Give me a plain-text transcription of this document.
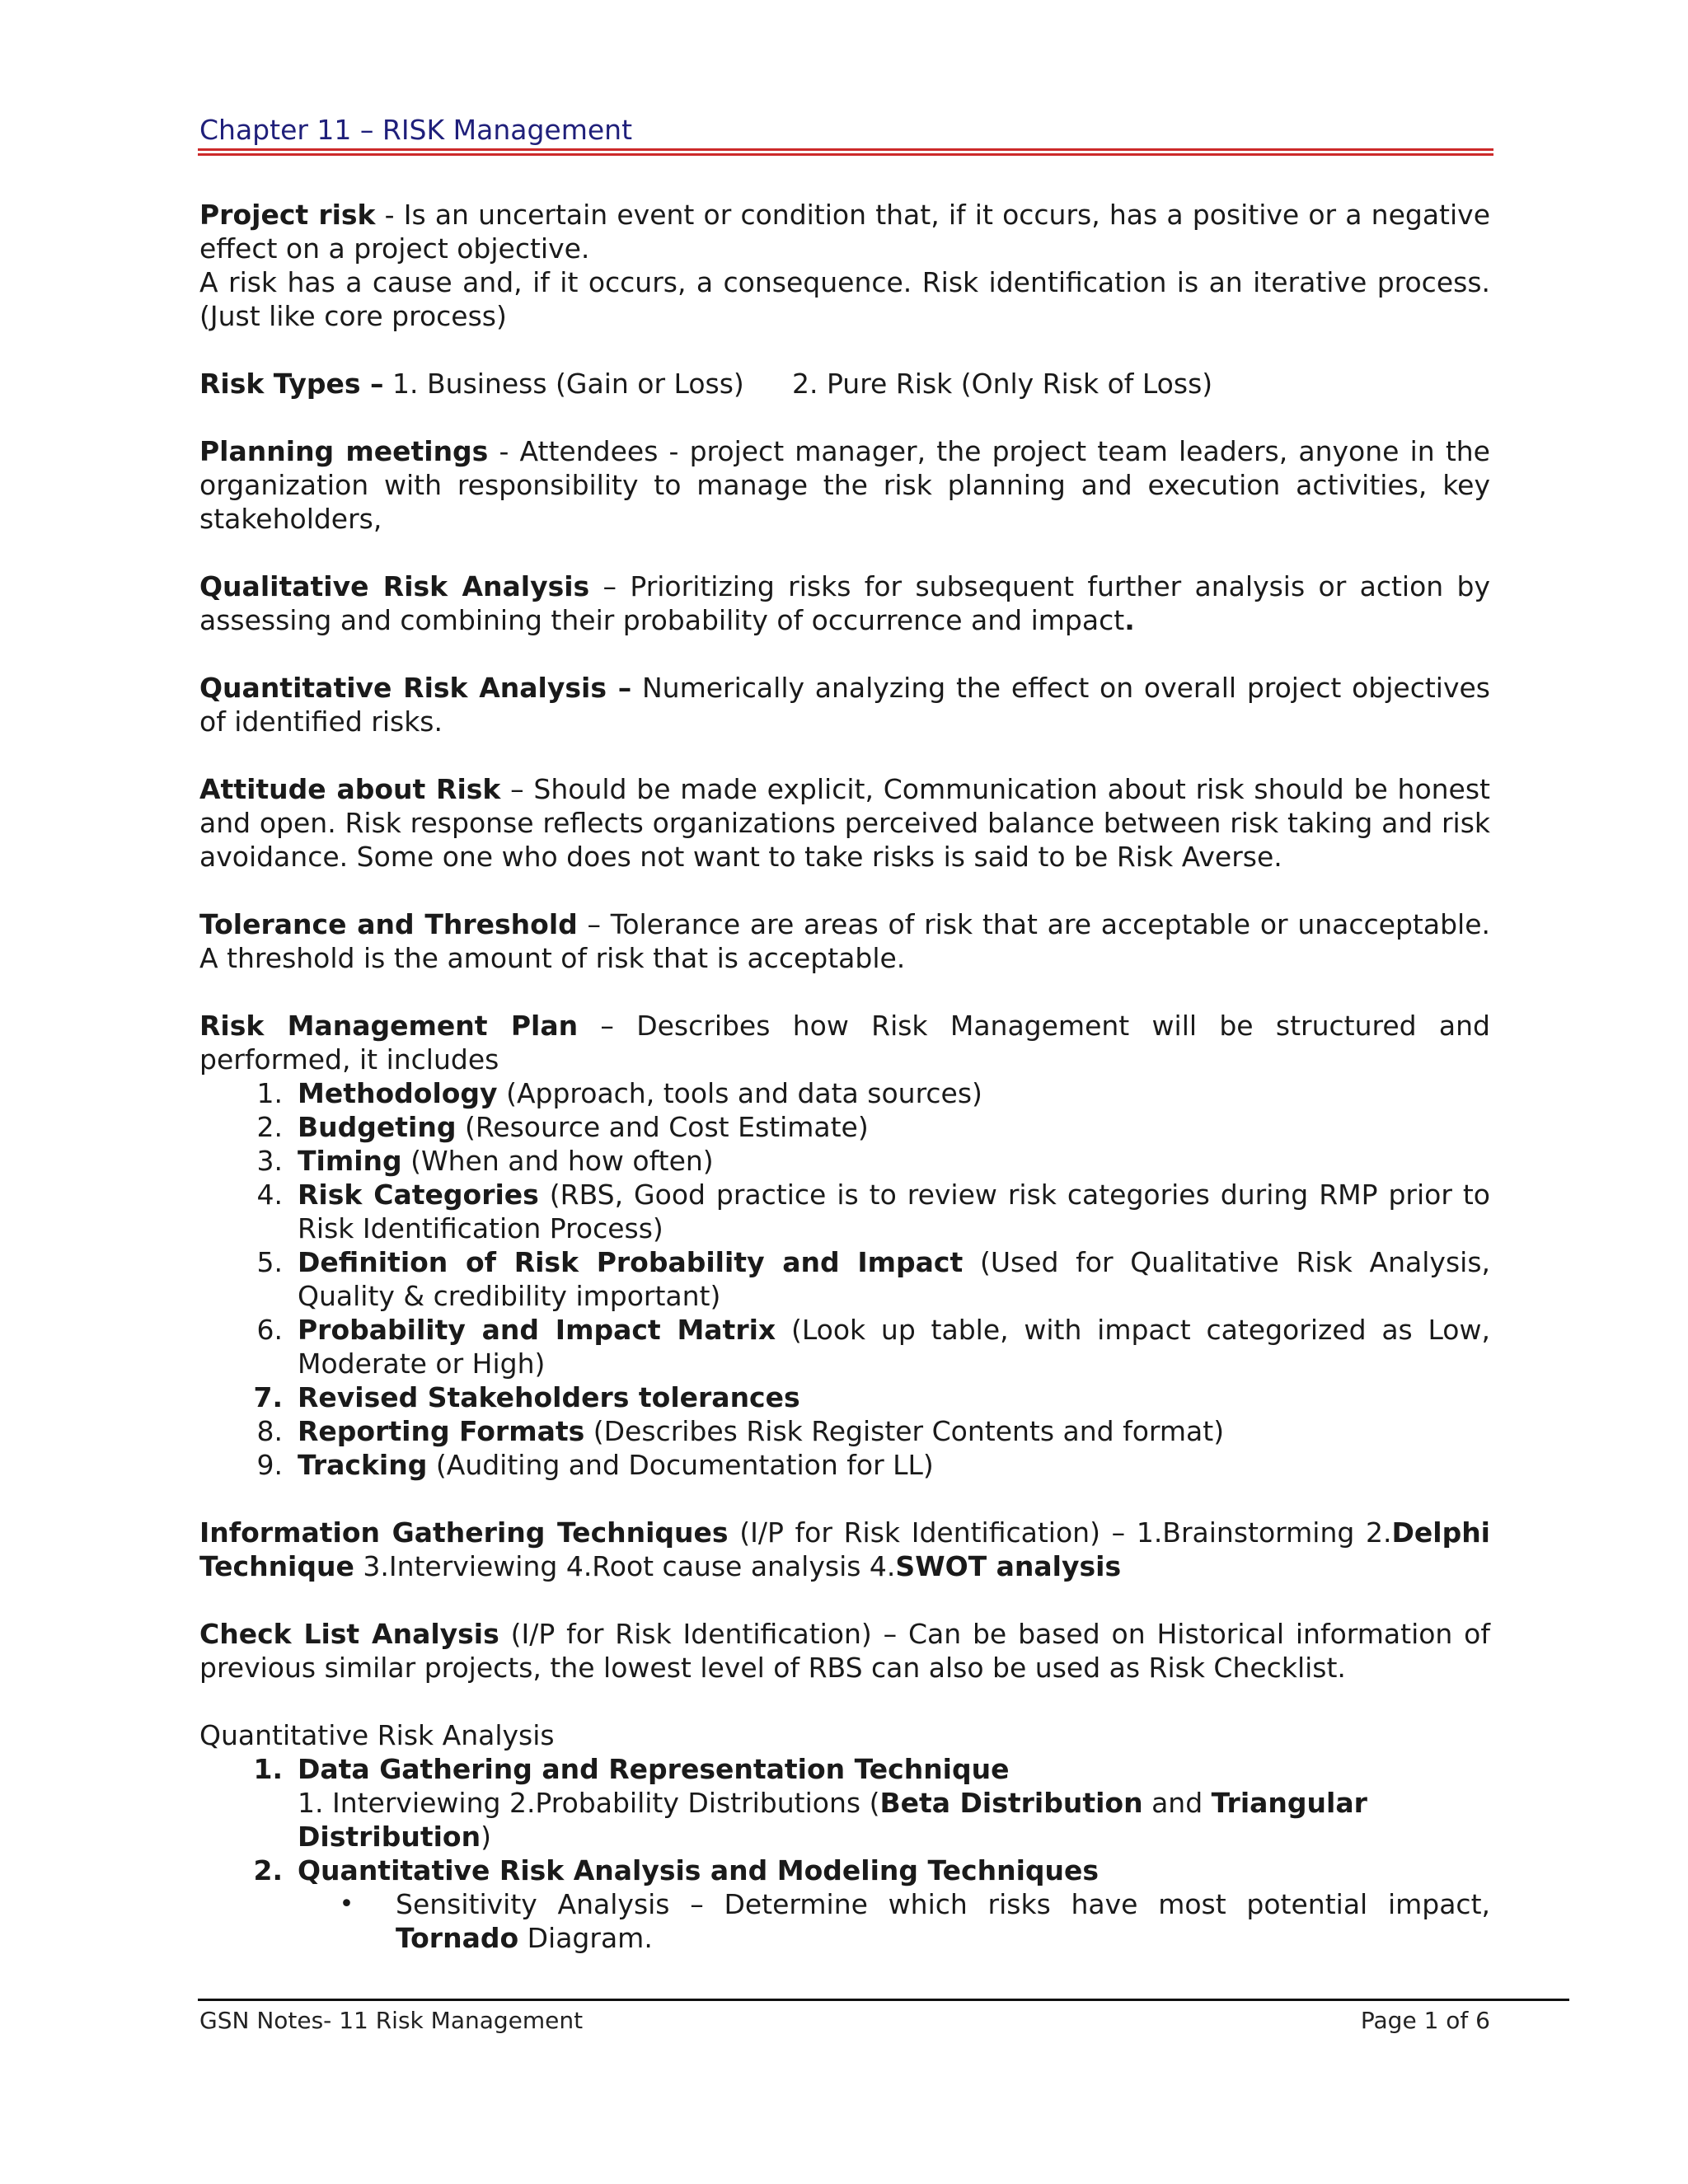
Chapter 11 – RISK Management

Project risk - Is an uncertain event or condition that, if it occurs, has a positive or a negative effect on a project objective.

A risk has a cause and, if it occurs, a consequence. Risk identification is an iterative process. (Just like core process)

Risk Types – 1. Business (Gain or Loss)	2. Pure Risk (Only Risk of Loss)

Planning meetings - Attendees - project manager, the project team leaders, anyone in the organization with responsibility to manage the risk planning and execution activities, key stakeholders,

Qualitative Risk Analysis – Prioritizing risks for subsequent further analysis or action by assessing and combining their probability of occurrence and impact.

Quantitative Risk Analysis – Numerically analyzing the effect on overall project objectives of identified risks.

Attitude about Risk – Should be made explicit, Communication about risk should be honest and open. Risk response reflects organizations perceived balance between risk taking and risk avoidance. Some one who does not want to take risks is said to be Risk Averse.

Tolerance and Threshold – Tolerance are areas of risk that are acceptable or unacceptable. A threshold is the amount of risk that is acceptable.

Risk Management Plan – Describes how Risk Management will be structured and performed, it includes

1. Methodology (Approach, tools and data sources)
2. Budgeting (Resource and Cost Estimate)
3. Timing (When and how often)
4. Risk Categories (RBS, Good practice is to review risk categories during RMP prior to Risk Identification Process)
5. Definition of Risk Probability and Impact (Used for Qualitative Risk Analysis, Quality & credibility important)
6. Probability and Impact Matrix (Look up table, with impact categorized as Low, Moderate or High)
7. Revised Stakeholders tolerances
8. Reporting Formats (Describes Risk Register Contents and format)
9. Tracking (Auditing and Documentation for LL)

Information Gathering Techniques (I/P for Risk Identification) – 1.Brainstorming 2.Delphi Technique 3.Interviewing 4.Root cause analysis 4.SWOT analysis

Check List Analysis (I/P for Risk Identification) – Can be based on Historical information of previous similar projects, the lowest level of RBS can also be used as Risk Checklist.

Quantitative Risk Analysis
1. Data Gathering and Representation Technique
1. Interviewing 2.Probability Distributions (Beta Distribution and Triangular Distribution)
2. Quantitative Risk Analysis and Modeling Techniques
•	Sensitivity Analysis – Determine which risks have most potential impact, Tornado Diagram.
GSN Notes- 11 Risk Management	Page 1 of 6
